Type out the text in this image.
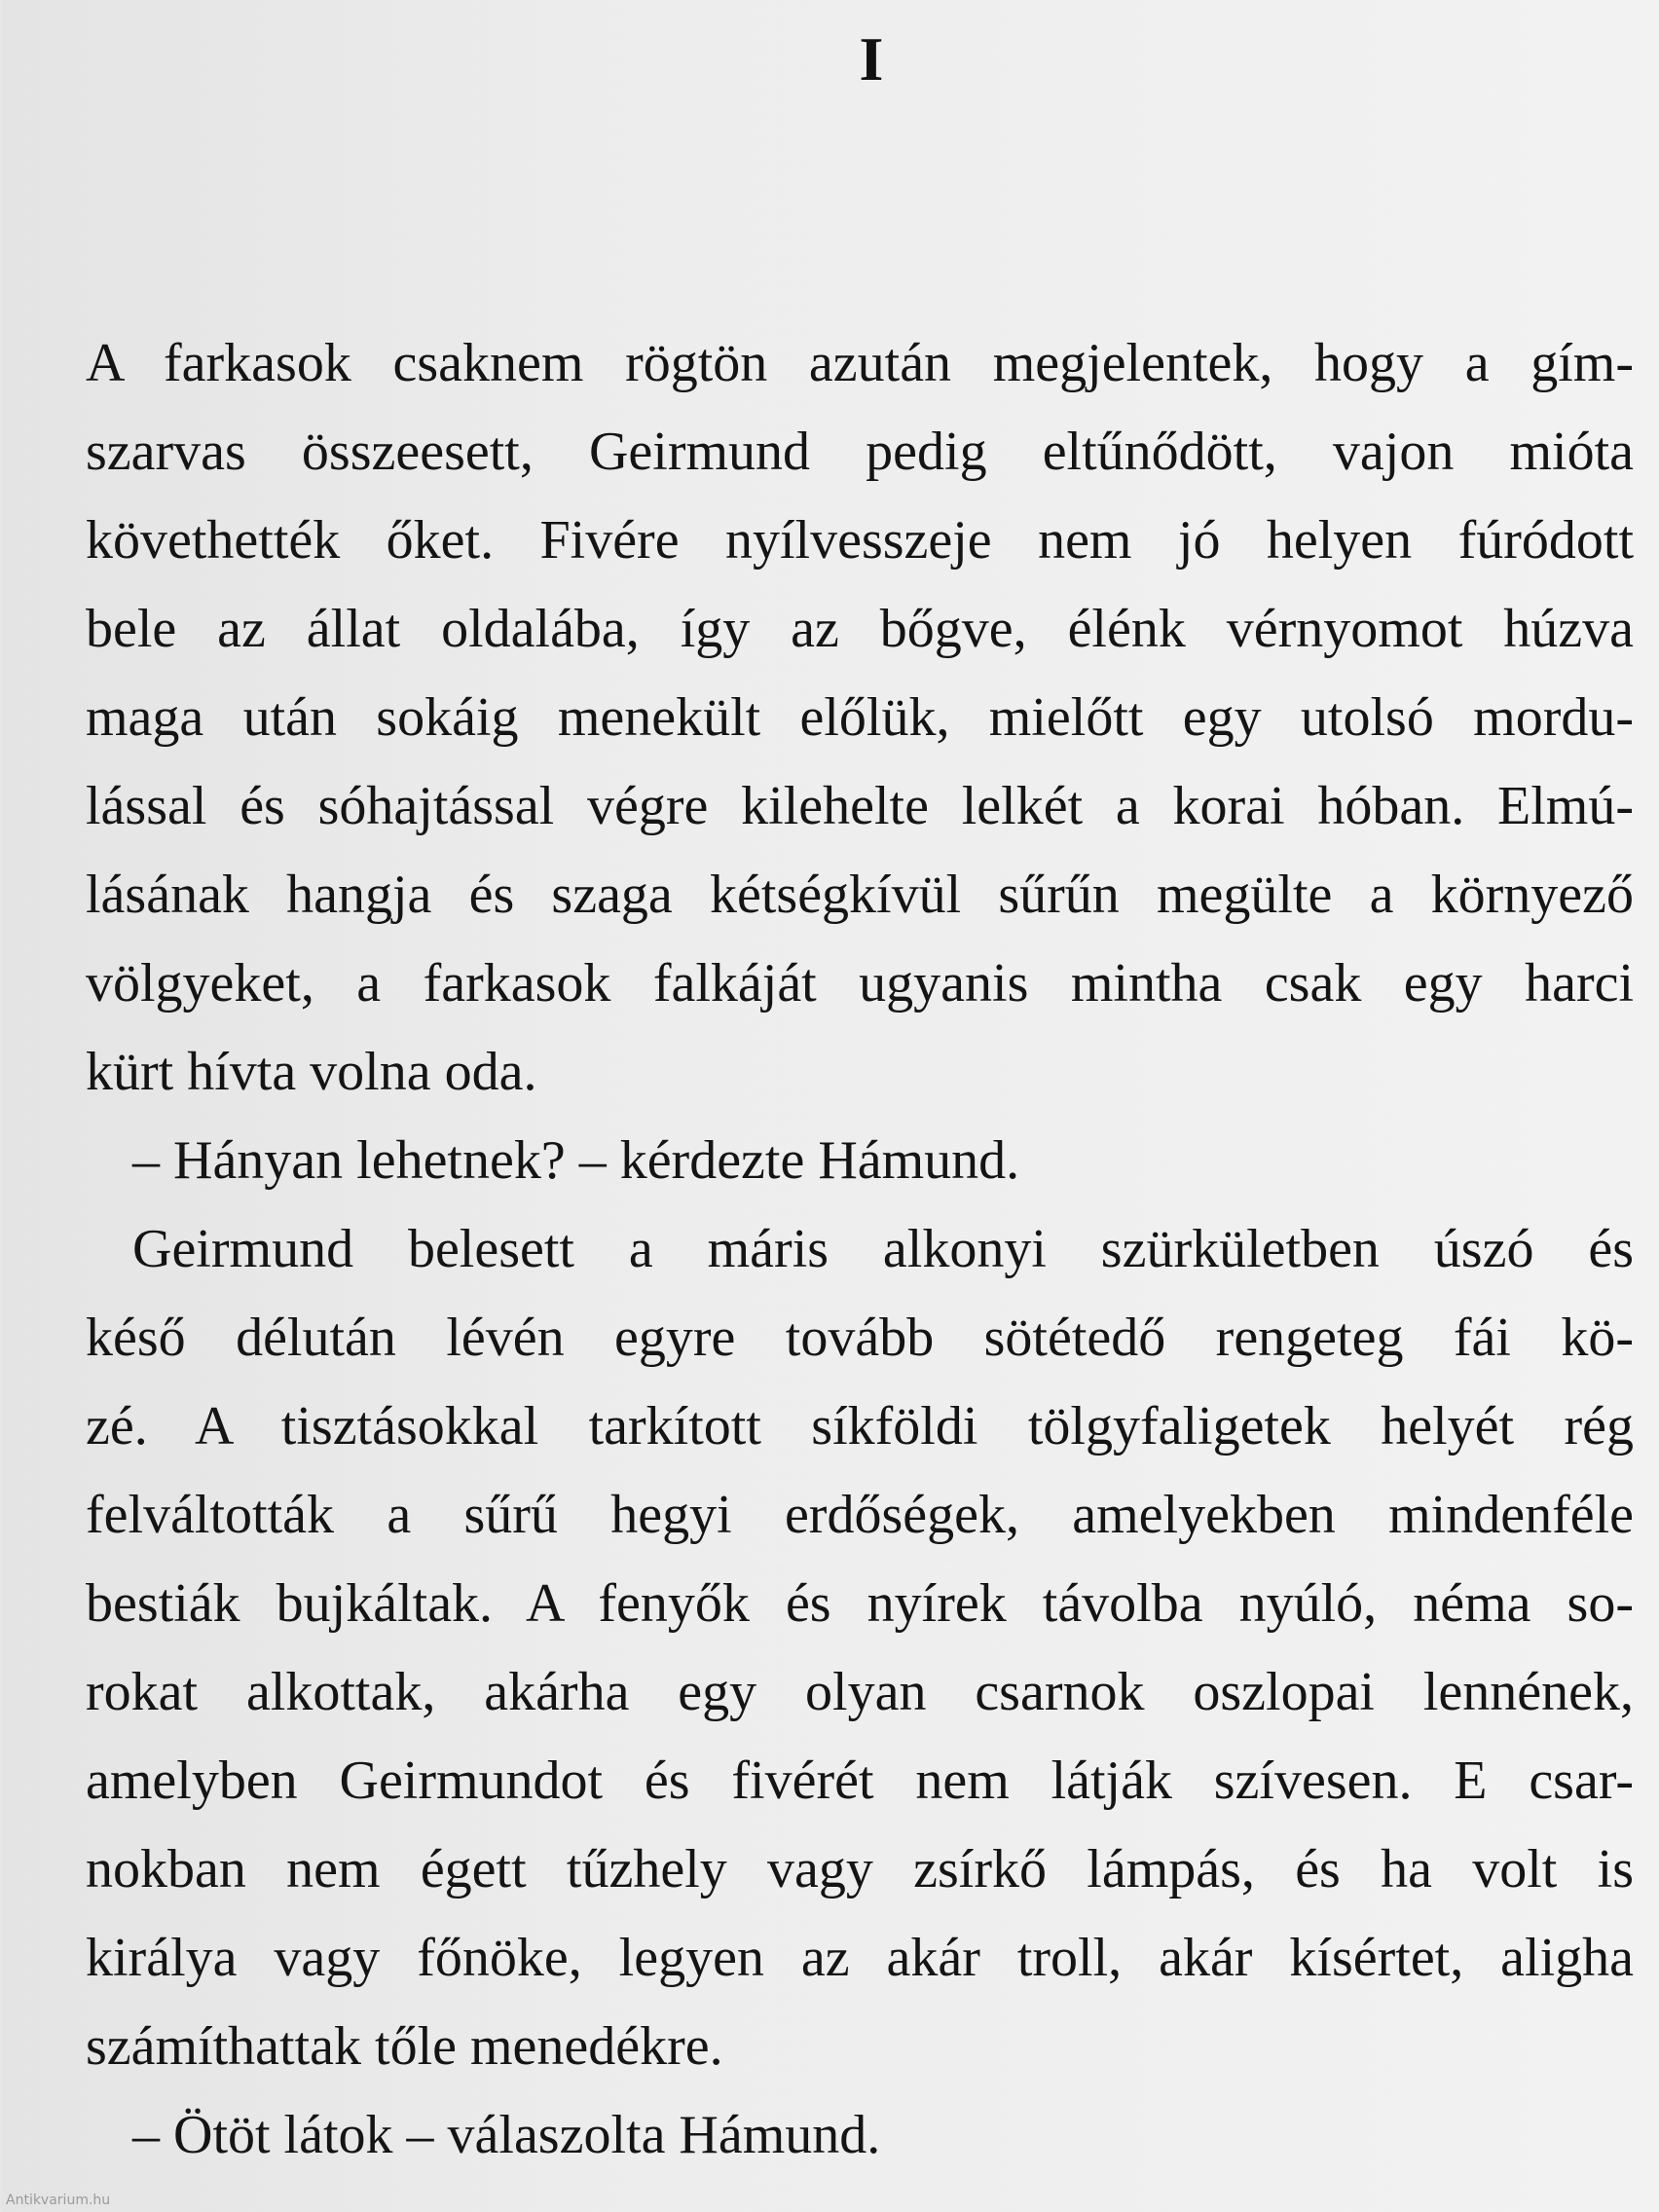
I
A farkasok csaknem rögtön azután megjelentek, hogy a gím-
szarvas összeesett, Geirmund pedig eltűnődött, vajon mióta
követhették őket. Fivére nyílvesszeje nem jó helyen fúródott
bele az állat oldalába, így az bőgve, élénk vérnyomot húzva
maga után sokáig menekült előlük, mielőtt egy utolsó mordu-
lással és sóhajtással végre kilehelte lelkét a korai hóban. Elmú-
lásának hangja és szaga kétségkívül sűrűn megülte a környező
völgyeket, a farkasok falkáját ugyanis mintha csak egy harci
kürt hívta volna oda.
– Hányan lehetnek? – kérdezte Hámund.
Geirmund belesett a máris alkonyi szürkületben úszó és
késő délután lévén egyre tovább sötétedő rengeteg fái kö-
zé. A tisztásokkal tarkított síkföldi tölgyfaligetek helyét rég
felváltották a sűrű hegyi erdőségek, amelyekben mindenféle
bestiák bujkáltak. A fenyők és nyírek távolba nyúló, néma so-
rokat alkottak, akárha egy olyan csarnok oszlopai lennének,
amelyben Geirmundot és fivérét nem látják szívesen. E csar-
nokban nem égett tűzhely vagy zsírkő lámpás, és ha volt is
királya vagy főnöke, legyen az akár troll, akár kísértet, aligha
számíthattak tőle menedékre.
– Ötöt látok – válaszolta Hámund.
Antikvarium.hu
